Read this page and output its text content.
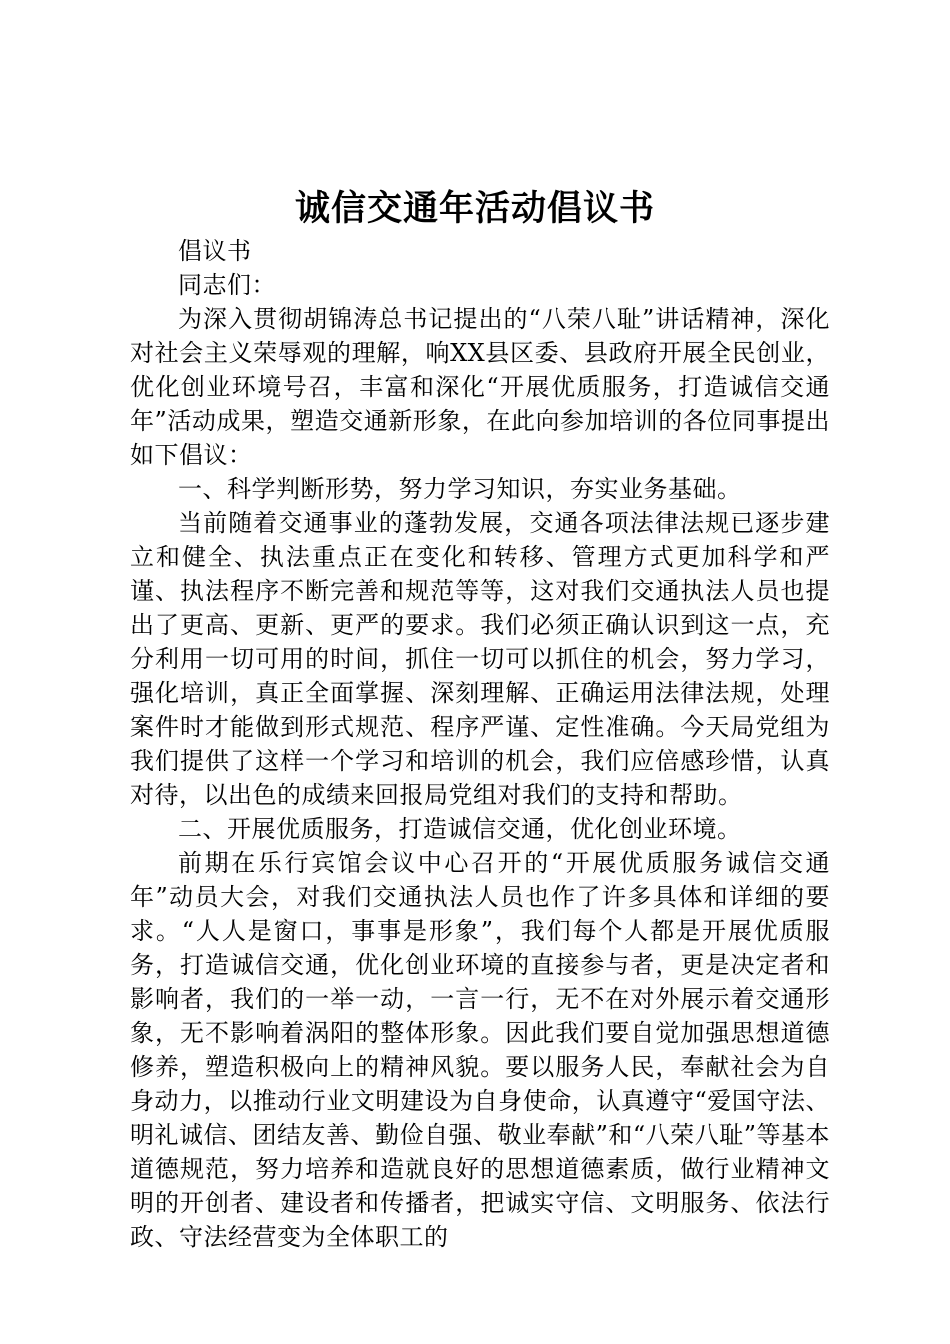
诚信交通年活动倡议书

倡议书

同志们：

为深入贯彻胡锦涛总书记提出的“八荣八耻”讲话精神，深化对社会主义荣辱观的理解，响XX县区委、县政府开展全民创业，优化创业环境号召，丰富和深化“开展优质服务，打造诚信交通年”活动成果，塑造交通新形象，在此向参加培训的各位同事提出如下倡议：

一、科学判断形势，努力学习知识，夯实业务基础。

当前随着交通事业的蓬勃发展，交通各项法律法规已逐步建立和健全、执法重点正在变化和转移、管理方式更加科学和严谨、执法程序不断完善和规范等等，这对我们交通执法人员也提出了更高、更新、更严的要求。我们必须正确认识到这一点，充分利用一切可用的时间，抓住一切可以抓住的机会，努力学习，强化培训，真正全面掌握、深刻理解、正确运用法律法规，处理案件时才能做到形式规范、程序严谨、定性准确。今天局党组为我们提供了这样一个学习和培训的机会，我们应倍感珍惜，认真对待，以出色的成绩来回报局党组对我们的支持和帮助。

二、开展优质服务，打造诚信交通，优化创业环境。

前期在乐行宾馆会议中心召开的“开展优质服务诚信交通年”动员大会，对我们交通执法人员也作了许多具体和详细的要求。“人人是窗口，事事是形象”，我们每个人都是开展优质服务，打造诚信交通，优化创业环境的直接参与者，更是决定者和影响者，我们的一举一动，一言一行，无不在对外展示着交通形象，无不影响着涡阳的整体形象。因此我们要自觉加强思想道德修养，塑造积极向上的精神风貌。要以服务人民，奉献社会为自身动力，以推动行业文明建设为自身使命，认真遵守“爱国守法、明礼诚信、团结友善、勤俭自强、敬业奉献”和“八荣八耻”等基本道德规范，努力培养和造就良好的思想道德素质，做行业精神文明的开创者、建设者和传播者，把诚实守信、文明服务、依法行政、守法经营变为全体职工的
